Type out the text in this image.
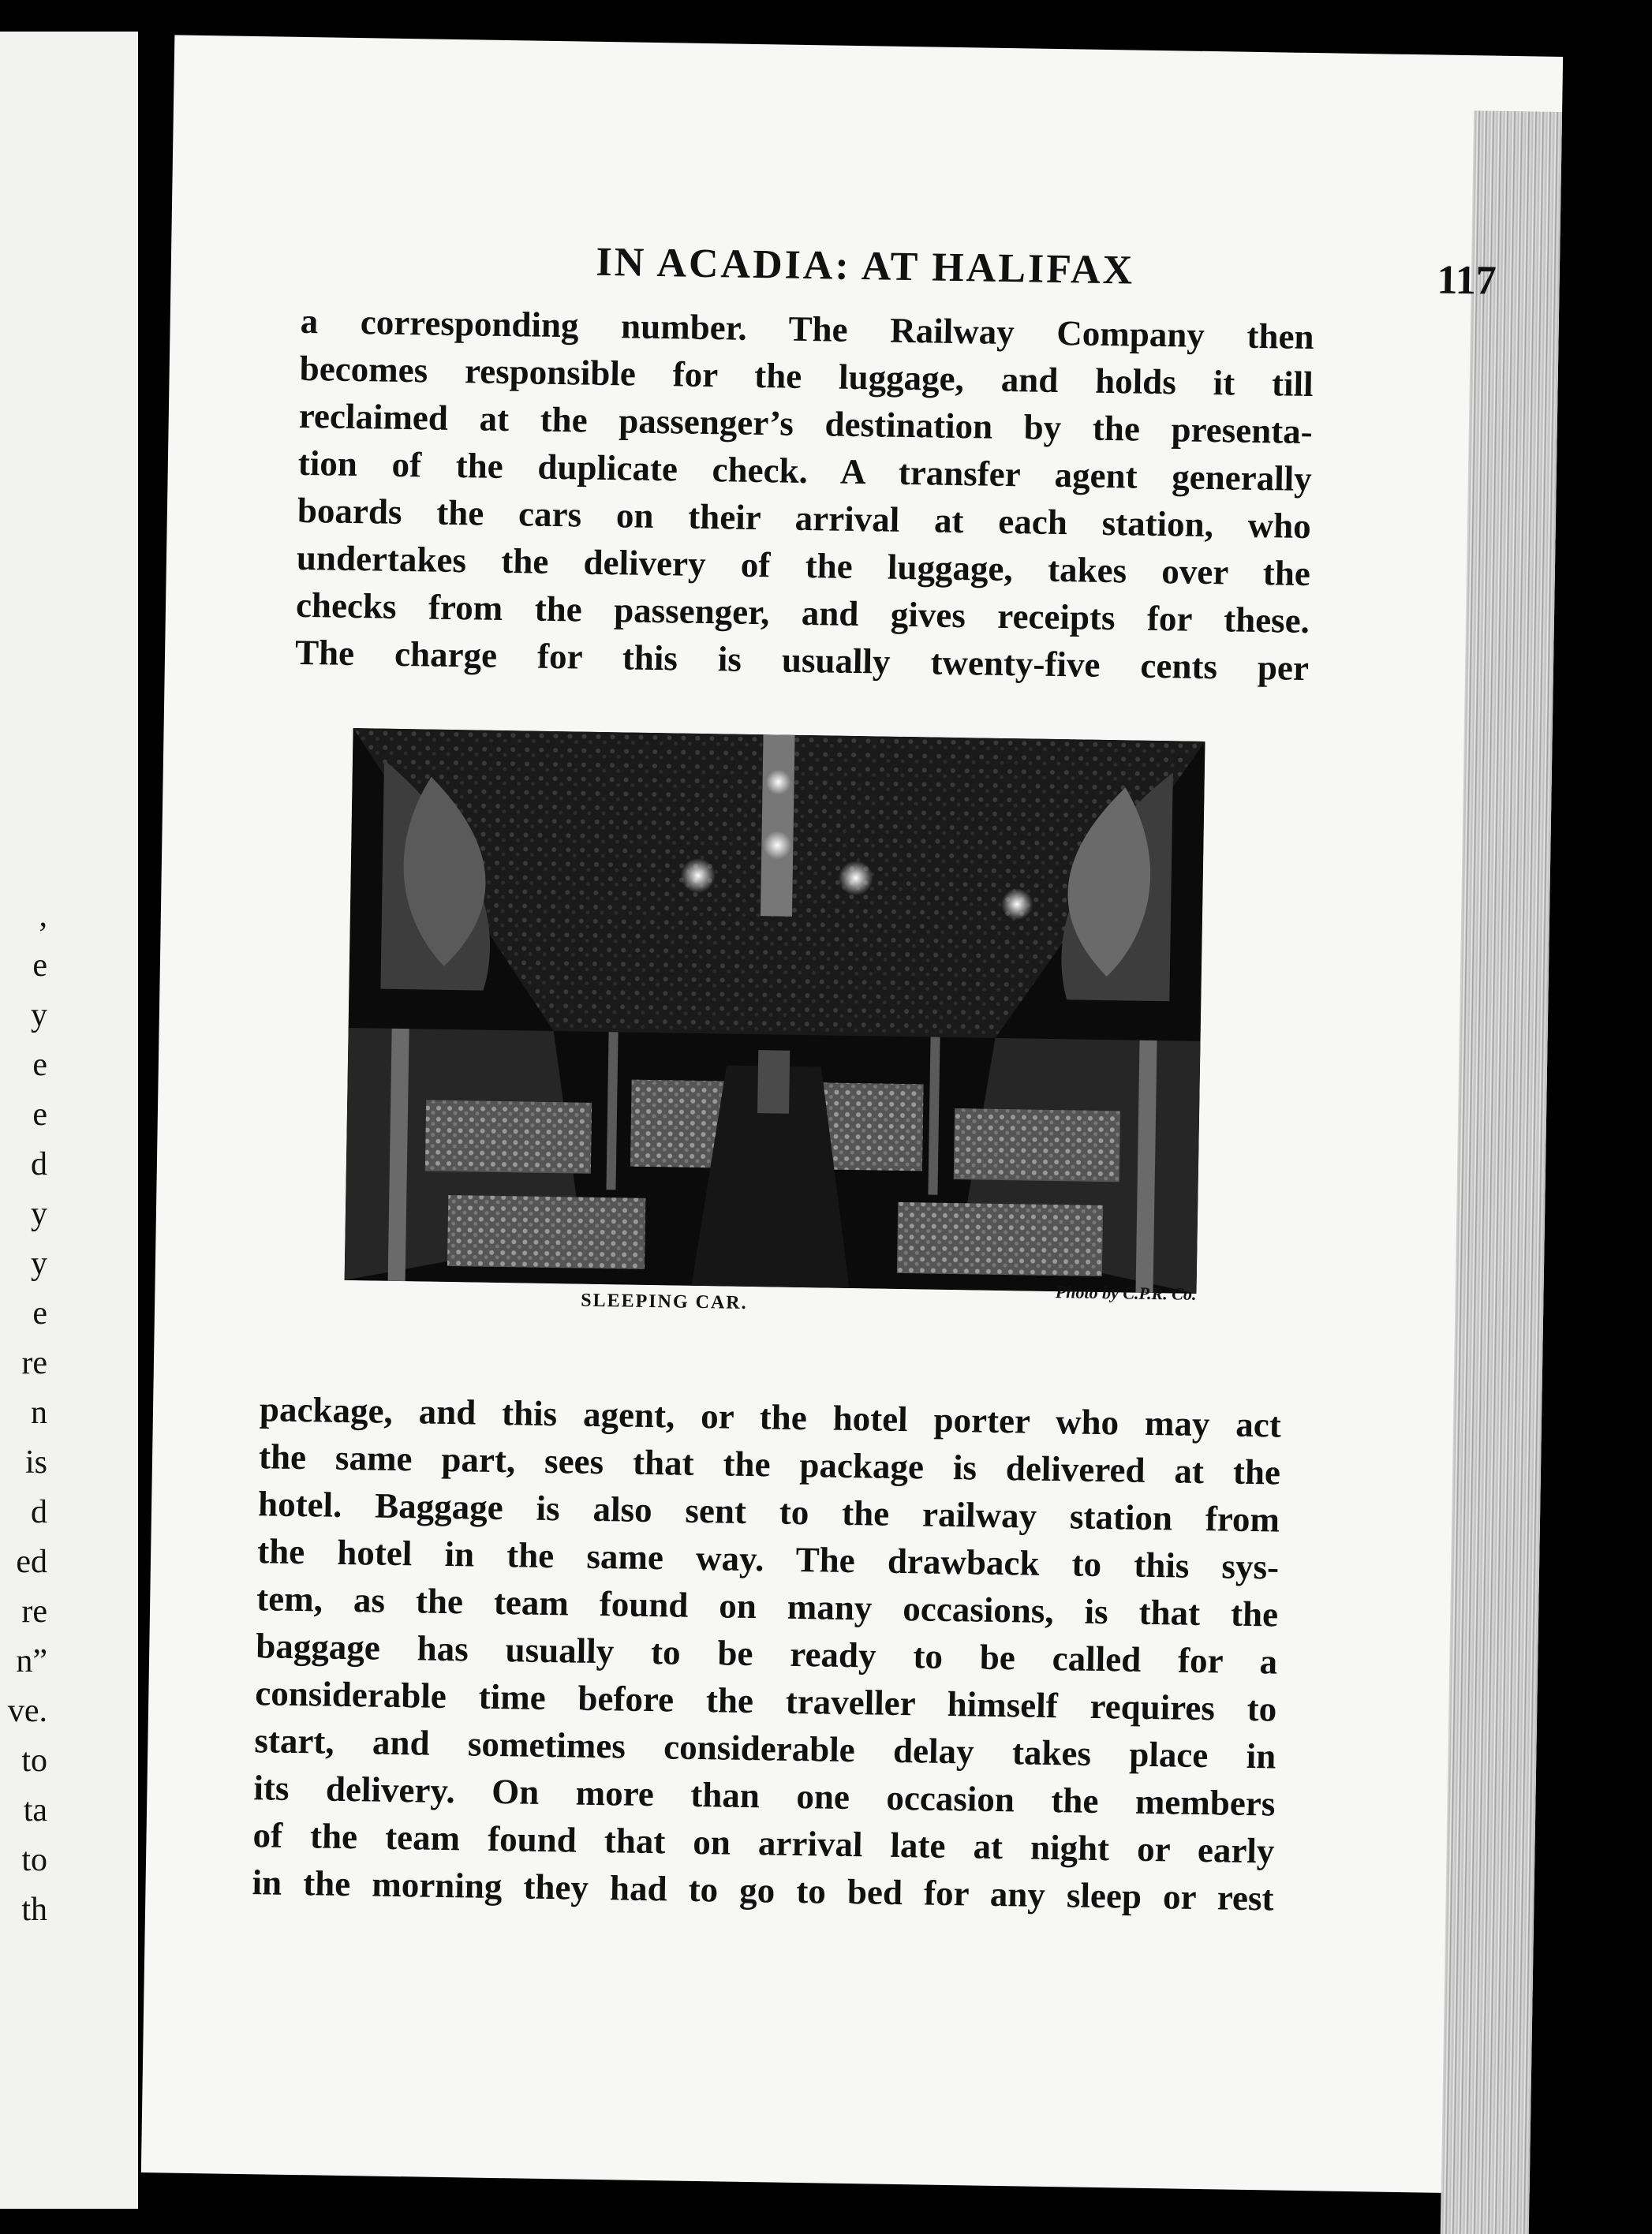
,
e
y
e
e
d
y
y
e
re
n
is
d
ed
re
n”
ve.
to
ta
to
th
IN ACADIA: AT HALIFAX	117
a corresponding number. The Railway Company then
becomes responsible for the luggage, and holds it till
reclaimed at the passenger’s destination by the presenta-
tion of the duplicate check. A transfer agent generally
boards the cars on their arrival at each station, who
undertakes the delivery of the luggage, takes over the
checks from the passenger, and gives receipts for these.
The charge for this is usually twenty-five cents per
SLEEPING CAR.	Photo by C.P.R. Co.
package, and this agent, or the hotel porter who may act
the same part, sees that the package is delivered at the
hotel. Baggage is also sent to the railway station from
the hotel in the same way. The drawback to this sys-
tem, as the team found on many occasions, is that the
baggage has usually to be ready to be called for a
considerable time before the traveller himself requires to
start, and sometimes considerable delay takes place in
its delivery. On more than one occasion the members
of the team found that on arrival late at night or early
in the morning they had to go to bed for any sleep or rest
